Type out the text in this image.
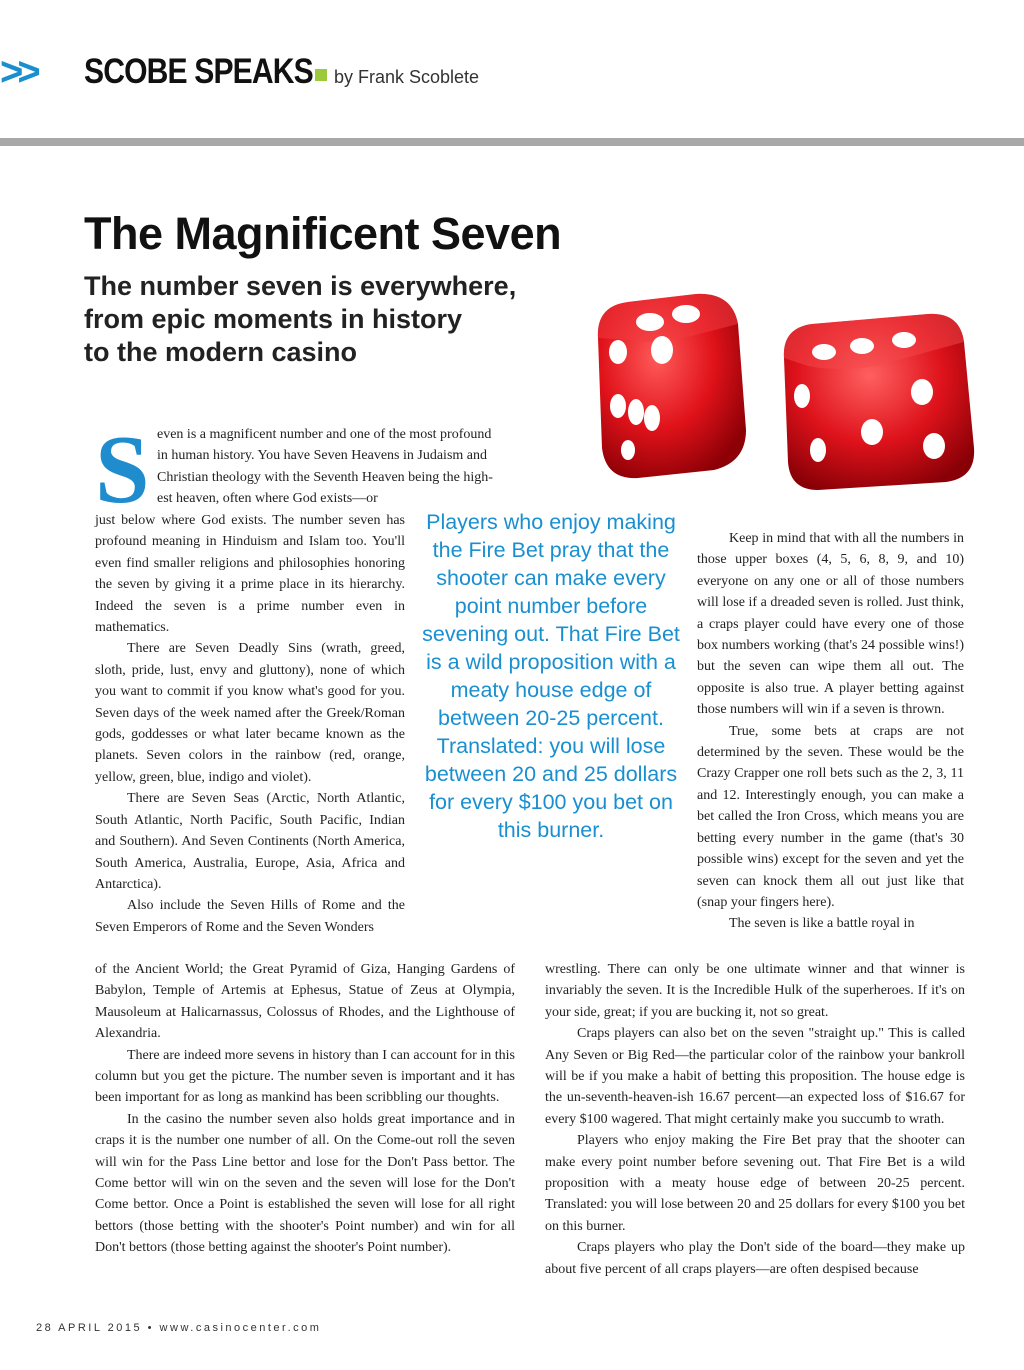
>> SCOBE SPEAKS by Frank Scoblete
The Magnificent Seven
The number seven is everywhere,
from epic moments in history
to the modern casino
S even is a magnificent number and one of the most profound

in human history. You have Seven Heavens in Judaism and

Christian theology with the Seventh Heaven being the high-

est heaven, often where God exists—or

just below where God exists. The number seven has profound meaning in Hinduism and Islam too. You'll even find smaller religions and philosophies honoring the seven by giving it a prime place in its hierarchy. Indeed the seven is a prime number even in mathematics.

There are Seven Deadly Sins (wrath, greed, sloth, pride, lust, envy and gluttony), none of which you want to commit if you know what's good for you. Seven days of the week named after the Greek/Roman gods, goddesses or what later became known as the planets. Seven colors in the rainbow (red, orange, yellow, green, blue, indigo and violet).

There are Seven Seas (Arctic, North Atlantic, South Atlantic, North Pacific, South Pacific, Indian and Southern). And Seven Continents (North America, South America, Australia, Europe, Asia, Africa and Antarctica).

Also include the Seven Hills of Rome and the Seven Emperors of Rome and the Seven Wonders

Players who enjoy making the Fire Bet pray that the shooter can make every point number before sevening out. That Fire Bet is a wild proposition with a meaty house edge of between 20-25 percent. Translated: you will lose between 20 and 25 dollars for every $100 you bet on this burner.

Keep in mind that with all the numbers in those upper boxes (4, 5, 6, 8, 9, and 10) everyone on any one or all of those numbers will lose if a dreaded seven is rolled. Just think, a craps player could have every one of those box numbers working (that's 24 possible wins!) but the seven can wipe them all out. The opposite is also true. A player betting against those numbers will win if a seven is thrown.

True, some bets at craps are not determined by the seven. These would be the Crazy Crapper one roll bets such as the 2, 3, 11 and 12. Interestingly enough, you can make a bet called the Iron Cross, which means you are betting every number in the game (that's 30 possible wins) except for the seven and yet the seven can knock them all out just like that (snap your fingers here).

The seven is like a battle royal in

of the Ancient World; the Great Pyramid of Giza, Hanging Gardens of Babylon, Temple of Artemis at Ephesus, Statue of Zeus at Olympia, Mausoleum at Halicarnassus, Colossus of Rhodes, and the Lighthouse of Alexandria.

There are indeed more sevens in history than I can account for in this column but you get the picture. The number seven is important and it has been important for as long as mankind has been scribbling our thoughts.

In the casino the number seven also holds great importance and in craps it is the number one number of all. On the Come-out roll the seven will win for the Pass Line bettor and lose for the Don't Pass bettor. The Come bettor will win on the seven and the seven will lose for the Don't Come bettor. Once a Point is established the seven will lose for all right bettors (those betting with the shooter's Point number) and win for all Don't bettors (those betting against the shooter's Point number).

wrestling. There can only be one ultimate winner and that winner is invariably the seven. It is the Incredible Hulk of the superheroes. If it's on your side, great; if you are bucking it, not so great.

Craps players can also bet on the seven "straight up." This is called Any Seven or Big Red—the particular color of the rainbow your bankroll will be if you make a habit of betting this proposition. The house edge is the un-seventh-heaven-ish 16.67 percent—an expected loss of $16.67 for every $100 wagered. That might certainly make you succumb to wrath.

Players who enjoy making the Fire Bet pray that the shooter can make every point number before sevening out. That Fire Bet is a wild proposition with a meaty house edge of between 20-25 percent. Translated: you will lose between 20 and 25 dollars for every $100 you bet on this burner.

Craps players who play the Don't side of the board—they make up about five percent of all craps players—are often despised because

28 APRIL 2015 • www.casinocenter.com
